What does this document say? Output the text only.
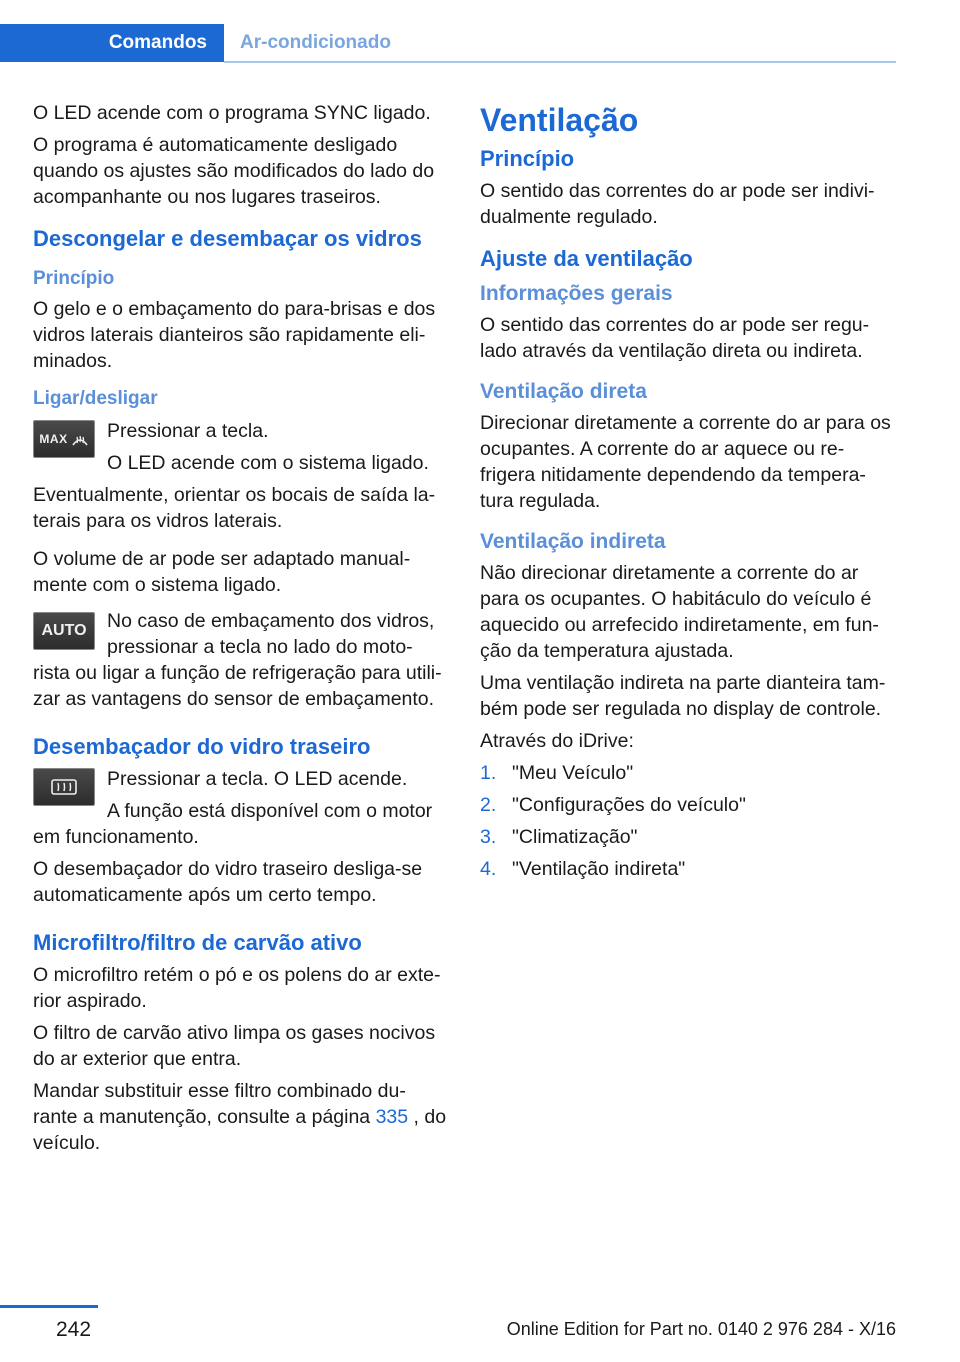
Comandos	Ar-condicionado

O LED acende com o programa SYNC ligado.

O programa é automaticamente desligado quando os ajustes são modificados do lado do acompanhante ou nos lugares traseiros.

Descongelar e desembaçar os vidros
Princípio

O gelo e o embaçamento do para-brisas e dos vidros laterais dianteiros são rapidamente eli-minados.

Ligar/desligar
MAX Pressionar a tecla.

O LED acende com o sistema ligado.

Eventualmente, orientar os bocais de saída la-terais para os vidros laterais.

O volume de ar pode ser adaptado manual-mente com o sistema ligado.

AUTO	No caso de embaçamento dos vidros, pressionar a tecla no lado do moto-rista ou ligar a função de refrigeração para utili-zar as vantagens do sensor de embaçamento.

Desembaçador do vidro traseiro

Pressionar a tecla. O LED acende.

A função está disponível com o motor em funcionamento.

O desembaçador do vidro traseiro desliga-se automaticamente após um certo tempo.

Microfiltro/filtro de carvão ativo

O microfiltro retém o pó e os polens do ar exte-rior aspirado.

O filtro de carvão ativo limpa os gases nocivos do ar exterior que entra.

Mandar substituir esse filtro combinado du-rante a manutenção, consulte a página 335 , do veículo.

Ventilação
Princípio

O sentido das correntes do ar pode ser indivi-dualmente regulado.

Ajuste da ventilação
Informações gerais

O sentido das correntes do ar pode ser regu-lado através da ventilação direta ou indireta.

Ventilação direta

Direcionar diretamente a corrente do ar para os ocupantes. A corrente do ar aquece ou re-frigera nitidamente dependendo da tempera-tura regulada.

Ventilação indireta

Não direcionar diretamente a corrente do ar para os ocupantes. O habitáculo do veículo é aquecido ou arrefecido indiretamente, em fun-ção da temperatura ajustada.

Uma ventilação indireta na parte dianteira tam-bém pode ser regulada no display de controle.

Através do iDrive:

1. "Meu Veículo"
2. "Configurações do veículo"
3. "Climatização"
4. "Ventilação indireta"
242	Online Edition for Part no. 0140 2 976 284 - X/16
